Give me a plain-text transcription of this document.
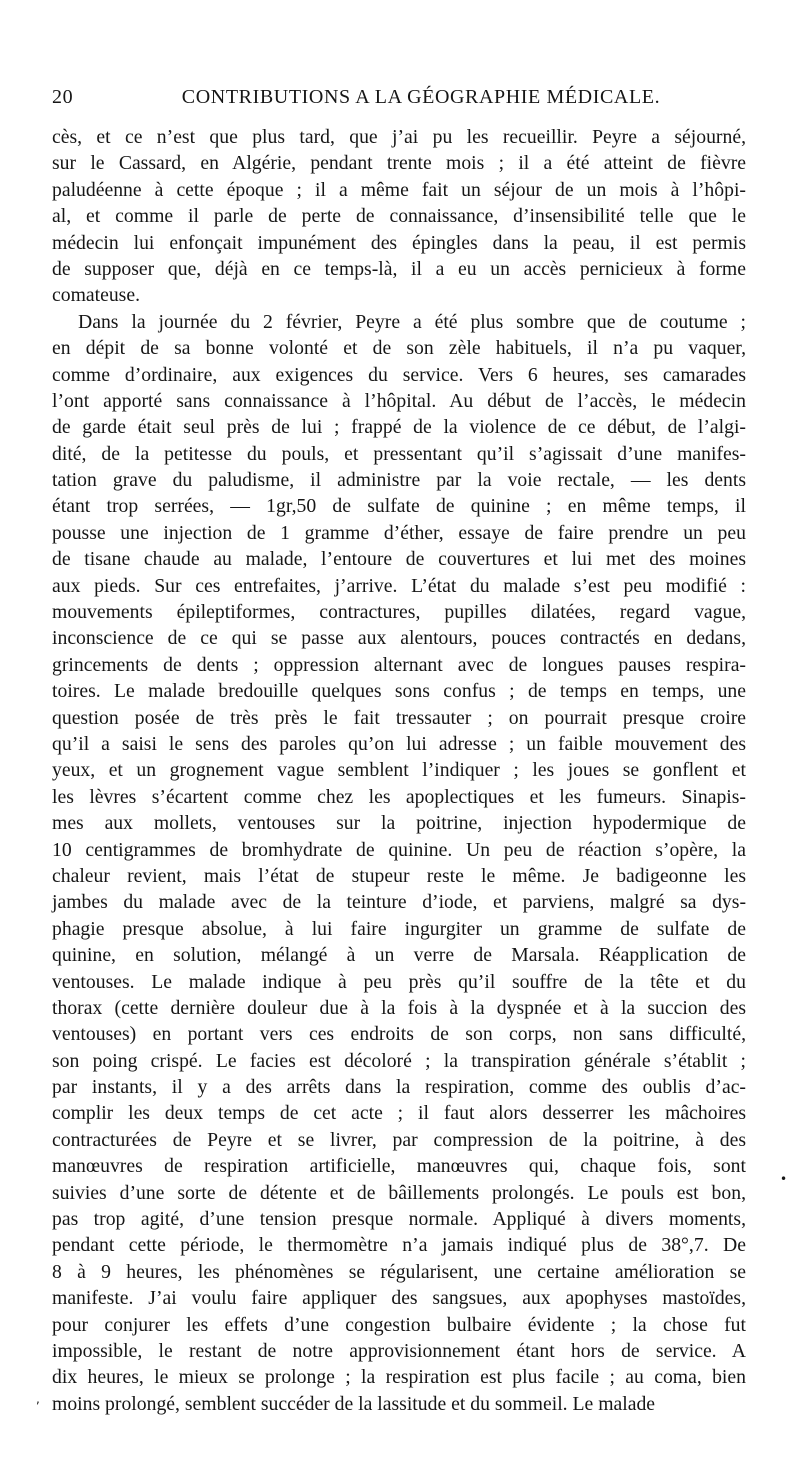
20	CONTRIBUTIONS A LA GÉOGRAPHIE MÉDICALE.
cès, et ce n’est que plus tard, que j’ai pu les recueillir. Peyre a séjourné,
sur le Cassard, en Algérie, pendant trente mois ; il a été atteint de fièvre
paludéenne à cette époque ; il a même fait un séjour de un mois à l’hôpi-
al, et comme il parle de perte de connaissance, d’insensibilité telle que le
médecin lui enfonçait impunément des épingles dans la peau, il est permis
de supposer que, déjà en ce temps-là, il a eu un accès pernicieux à forme
comateuse.
Dans la journée du 2 février, Peyre a été plus sombre que de coutume ;
en dépit de sa bonne volonté et de son zèle habituels, il n’a pu vaquer,
comme d’ordinaire, aux exigences du service. Vers 6 heures, ses camarades
l’ont apporté sans connaissance à l’hôpital. Au début de l’accès, le médecin
de garde était seul près de lui ; frappé de la violence de ce début, de l’algi-
dité, de la petitesse du pouls, et pressentant qu’il s’agissait d’une manifes-
tation grave du paludisme, il administre par la voie rectale, — les dents
étant trop serrées, — 1gr,50 de sulfate de quinine ; en même temps, il
pousse une injection de 1 gramme d’éther, essaye de faire prendre un peu
de tisane chaude au malade, l’entoure de couvertures et lui met des moines
aux pieds. Sur ces entrefaites, j’arrive. L’état du malade s’est peu modifié :
mouvements épileptiformes, contractures, pupilles dilatées, regard vague,
inconscience de ce qui se passe aux alentours, pouces contractés en dedans,
grincements de dents ; oppression alternant avec de longues pauses respira-
toires. Le malade bredouille quelques sons confus ; de temps en temps, une
question posée de très près le fait tressauter ; on pourrait presque croire
qu’il a saisi le sens des paroles qu’on lui adresse ; un faible mouvement des
yeux, et un grognement vague semblent l’indiquer ; les joues se gonflent et
les lèvres s’écartent comme chez les apoplectiques et les fumeurs. Sinapis-
mes aux mollets, ventouses sur la poitrine, injection hypodermique de
10 centigrammes de bromhydrate de quinine. Un peu de réaction s’opère, la
chaleur revient, mais l’état de stupeur reste le même. Je badigeonne les
jambes du malade avec de la teinture d’iode, et parviens, malgré sa dys-
phagie presque absolue, à lui faire ingurgiter un gramme de sulfate de
quinine, en solution, mélangé à un verre de Marsala. Réapplication de
ventouses. Le malade indique à peu près qu’il souffre de la tête et du
thorax (cette dernière douleur due à la fois à la dyspnée et à la succion des
ventouses) en portant vers ces endroits de son corps, non sans difficulté,
son poing crispé. Le facies est décoloré ; la transpiration générale s’établit ;
par instants, il y a des arrêts dans la respiration, comme des oublis d’ac-
complir les deux temps de cet acte ; il faut alors desserrer les mâchoires
contracturées de Peyre et se livrer, par compression de la poitrine, à des
manœuvres de respiration artificielle, manœuvres qui, chaque fois, sont
suivies d’une sorte de détente et de bâillements prolongés. Le pouls est bon,
pas trop agité, d’une tension presque normale. Appliqué à divers moments,
pendant cette période, le thermomètre n’a jamais indiqué plus de 38°,7. De
8 à 9 heures, les phénomènes se régularisent, une certaine amélioration se
manifeste. J’ai voulu faire appliquer des sangsues, aux apophyses mastoïdes,
pour conjurer les effets d’une congestion bulbaire évidente ; la chose fut
impossible, le restant de notre approvisionnement étant hors de service. A
dix heures, le mieux se prolonge ; la respiration est plus facile ; au coma, bien
moins prolongé, semblent succéder de la lassitude et du sommeil. Le malade
•
,
